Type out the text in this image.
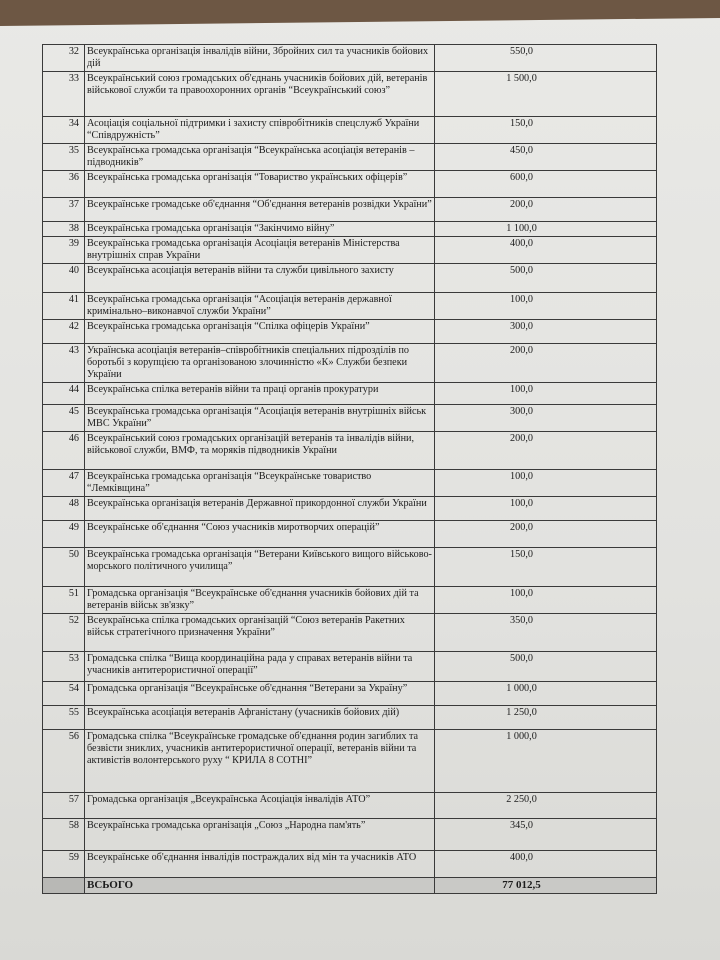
32	Всеукраїнська організація інвалідів війни, Збройних сил та учасників бойових дій	550,0
33	Всеукраїнський союз громадських об'єднань учасників бойових дій, ветеранів військової служби та правоохоронних органів “Всеукраїнський союз”	1 500,0
34	Асоціація соціальної підтримки і захисту співробітників спецслужб України “Співдружність”	150,0
35	Всеукраїнська громадська організація “Всеукраїнська асоціація ветеранів – підводників”	450,0
36	Всеукраїнська громадська організація “Товариство українських офіцерів”	600,0
37	Всеукраїнське громадське об'єднання “Об'єднання ветеранів розвідки України”	200,0
38	Всеукраїнська громадська організація “Закінчимо війну”	1 100,0
39	Всеукраїнська громадська організація Асоціація ветеранів Міністерства внутрішніх справ України	400,0
40	Всеукраїнська асоціація ветеранів війни та служби цивільного захисту	500,0
41	Всеукраїнська громадська організація “Асоціація ветеранів державної кримінально–виконавчої служби України”	100,0
42	Всеукраїнська громадська організація “Спілка офіцерів України”	300,0
43	Українська асоціація ветеранів–співробітників спеціальних підрозділів по боротьбі з корупцією та організованою злочинністю «К» Служби безпеки України	200,0
44	Всеукраїнська спілка ветеранів війни та праці органів прокуратури	100,0
45	Всеукраїнська громадська організація “Асоціація ветеранів внутрішніх військ МВС України”	300,0
46	Всеукраїнський союз громадських організацій ветеранів та інвалідів війни, військової служби, ВМФ, та моряків підводників України	200,0
47	Всеукраїнська громадська організація “Всеукраїнське товариство “Лемківщина”	100,0
48	Всеукраїнська організація ветеранів Державної прикордонної служби України	100,0
49	Всеукраїнське об'єднання “Союз учасників миротворчих операцій”	200,0
50	Всеукраїнська громадська організація “Ветерани Київського вищого військово-морського політичного училища”	150,0
51	Громадська організація “Всеукраїнське об'єднання учасників бойових дій та ветеранів військ зв'язку”	100,0
52	Всеукраїнська спілка громадських організацій “Союз ветеранів Ракетних військ стратегічного призначення України”	350,0
53	Громадська спілка “Вища координаційна рада у справах ветеранів війни та учасників антитерористичної операції”	500,0
54	Громадська організація “Всеукраїнське об'єднання “Ветерани за Україну”	1 000,0
55	Всеукраїнська асоціація ветеранів Афганістану (учасників бойових дій)	1 250,0
56	Громадська спілка “Всеукраїнське громадське об'єднання родин загиблих та безвісти зниклих, учасників антитерористичної операції, ветеранів війни та активістів волонтерського руху “ КРИЛА 8 СОТНІ”	1 000,0
57	Громадська організація „Всеукраїнська Асоціація інвалідів АТО”	2 250,0
58	Всеукраїнська громадська організація „Союз „Народна пам'ять”	345,0
59	Всеукраїнське об'єднання інвалідів постраждалих від мін та учасників АТО	400,0
	ВСЬОГО	77 012,5
